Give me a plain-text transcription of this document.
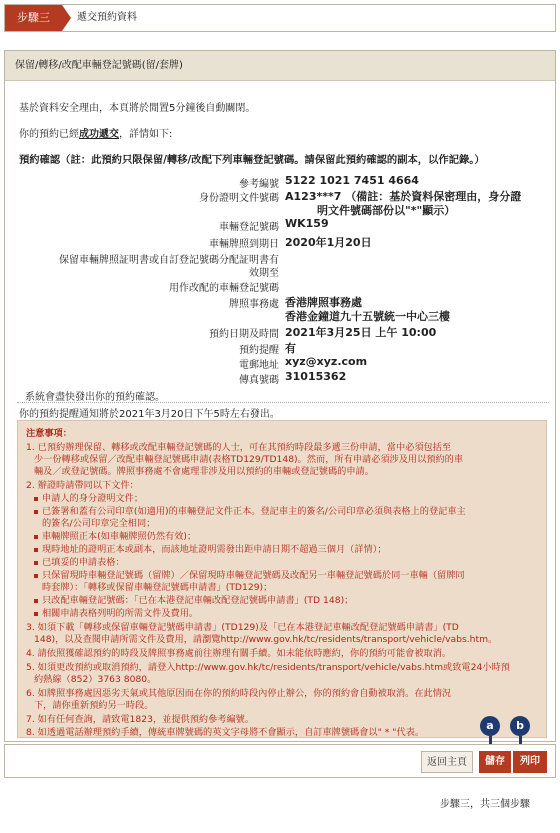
步驟三	遞交預約資料
保留/轉移/改配車輛登記號碼(留/套牌)
基於資料安全理由，本頁將於閒置5分鐘後自動關閉。
你的預約已經成功遞交，詳情如下:
預約確認（註：此預約只限保留/轉移/改配下列車輛登記號碼。請保留此預約確認的副本，以作記錄。）
參考編號 5122 1021 7451 4664
身份證明文件號碼 A123***7 （備註：基於資料保密理由，身分證
明文件號碼部份以"*"顯示）
車輛登記號碼 WK159
車輛牌照到期日 2020年1月20日
保留車輛牌照証明書或自訂登記號碼分配証明書有
效期至
用作改配的車輛登記號碼
牌照事務處 香港牌照事務處
香港金鐘道九十五號統一中心三樓
預約日期及時間 2021年3月25日 上午 10:00
預約提醒 有
電郵地址 xyz@xyz.com
傳真號碼 31015362
系統會盡快發出你的預約確認。
你的預約提醒通知將於2021年3月20日下午5時左右發出。
注意事項：
1. 已預約辦理保留、轉移或改配車輛登記號碼的人士，可在其預約時段最多遞三份申請，當中必須包括至
少一份轉移或保留／改配車輛登記號碼申請(表格TD129/TD148)。然而，所有申請必須涉及用以預約的車
輛及／或登記號碼。牌照事務處不會處理非涉及用以預約的車輛或登記號碼的申請。
2. 辦證時請帶同以下文件：
申請人的身分證明文件；
已簽署和蓋有公司印章(如適用)的車輛登記文件正本。登記車主的簽名/公司印章必須與表格上的登記車主
的簽名/公司印章完全相同；
車輛牌照正本(如車輛牌照仍然有效)；
現時地址的證明正本或副本，而該地址證明需發出距申請日期不超過三個月（詳情）；
已填妥的申請表格：
只保留現時車輛登記號碼（留牌）／保留現時車輛登記號碼及改配另一車輛登記號碼於同一車輛（留牌同
時套牌）：「轉移或保留車輛登記號碼申請書」(TD129)；
只改配車輛登記號碼：「已在本港登記車輛改配登記號碼申請書」(TD 148)；
相關申請表格列明的所需文件及費用。
3. 如須下載「轉移或保留車輛登記號碼申請書」(TD129)及「已在本港登記車輛改配登記號碼申請書」(TD
148)，以及查閱申請所需文件及費用，請瀏覽http://www.gov.hk/tc/residents/transport/vehicle/vabs.htm。
4. 請依照獲確認預約的時段及牌照事務處前往辦理有關手續。如未能依時應約，你的預約可能會被取消。
5. 如須更改預約或取消預約，請登入http://www.gov.hk/tc/residents/transport/vehicle/vabs.htm或致電24小時預
約熱線（852）3763 8080。
6. 如牌照事務處因惡劣天氣或其他原因而在你的預約時段內停止辦公，你的預約會自動被取消。在此情況
下，請你重新預約另一時段。
7. 如有任何查詢，請致電1823，並提供預約參考編號。
8. 如透過電話辦理預約手續，傳統車牌號碼的英文字母將不會顯示，自訂車牌號碼會以" * "代表。
a	b
返回主頁	儲存	列印
步驟三，共三個步驟
